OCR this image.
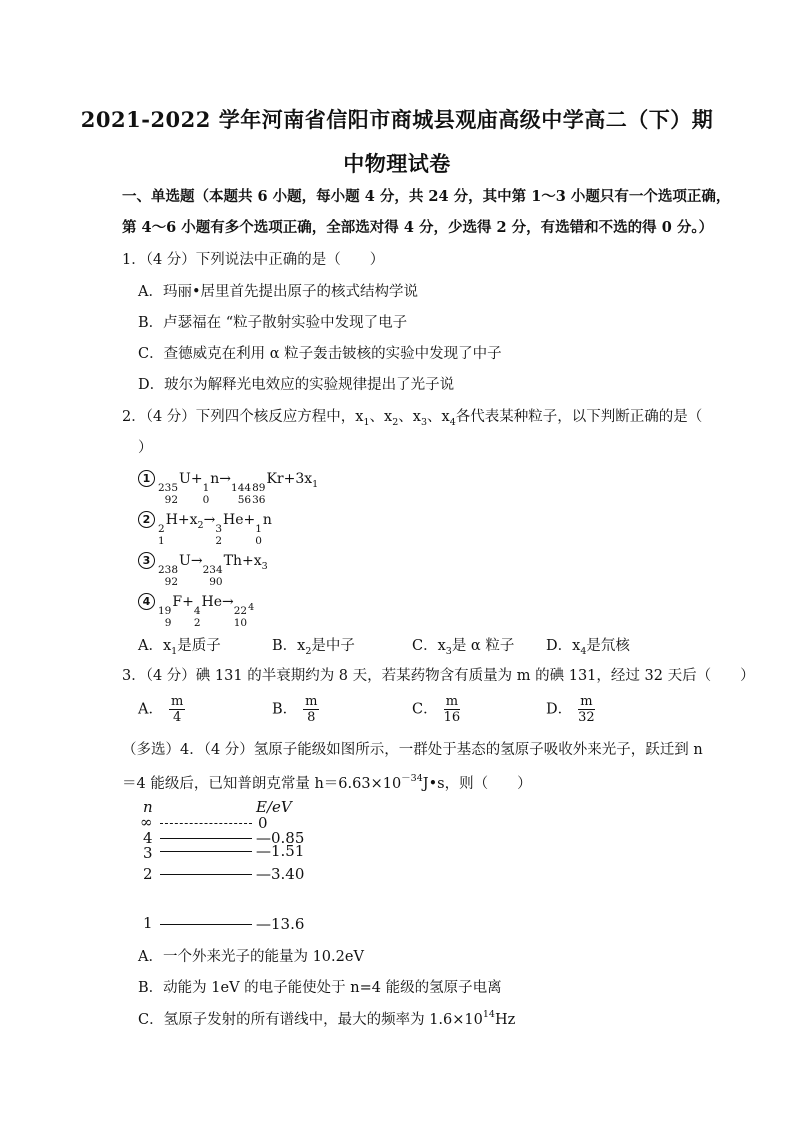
2021-2022 学年河南省信阳市商城县观庙高级中学高二（下）期
中物理试卷
一、单选题（本题共 6 小题，每小题 4 分，共 24 分，其中第 1～3 小题只有一个选项正确，
第 4～6 小题有多个选项正确，全部选对得 4 分，少选得 2 分，有选错和不选的得 0 分。）
1．（4 分）下列说法中正确的是（　　）
A．玛丽•居里首先提出原子的核式结构学说
B．卢瑟福在 “粒子散射实验中发现了电子
C．查德威克在利用 α 粒子轰击铍核的实验中发现了中子
D．玻尔为解释光电效应的实验规律提出了光子说
2．（4 分）下列四个核反应方程中，$x_1$、$x_2$、$x_3$、$x_4$各代表某种粒子，以下判断正确的是（
）
1
235
92
U+
1
0
n→
144
56
89
36
$Kr+3x_1$
2
2
1
$H+x_2\to$
3
2
He+
1
0
n
3
238
92
U→
234
90
$Th+x_3$
4
19
9
F+
4
2
He→
22
10
$_4$
A．$x_1$是质子	B．$x_2$是中子	C．$x_3$是 α 粒子 D．$x_4$是氘核
3．（4 分）碘 131 的半衰期约为 8 天，若某药物含有质量为 m 的碘 131，经过 32 天后（　　）
A． $\frac{m}{4}$	B． $\frac{m}{8}$	C． $\frac{m}{16}$	D． $\frac{m}{32}$
（多选）4．（4 分）氢原子能级如图所示，一群处于基态的氢原子吸收外来光子，跃迁到 n
＝4 能级后，已知普朗克常量 $h=6.63\times 10^{-34}J•s$，则（　　）
n	E/eV
∞	0
4	—0.85
3	—1.51
2	—3.40
1	—13.6
A．一个外来光子的能量为 10.2eV
B．动能为 1eV 的电子能使处于 n=4 能级的氢原子电离
C．氢原子发射的所有谱线中，最大的频率为 $1.6\times 10^{14}Hz$
